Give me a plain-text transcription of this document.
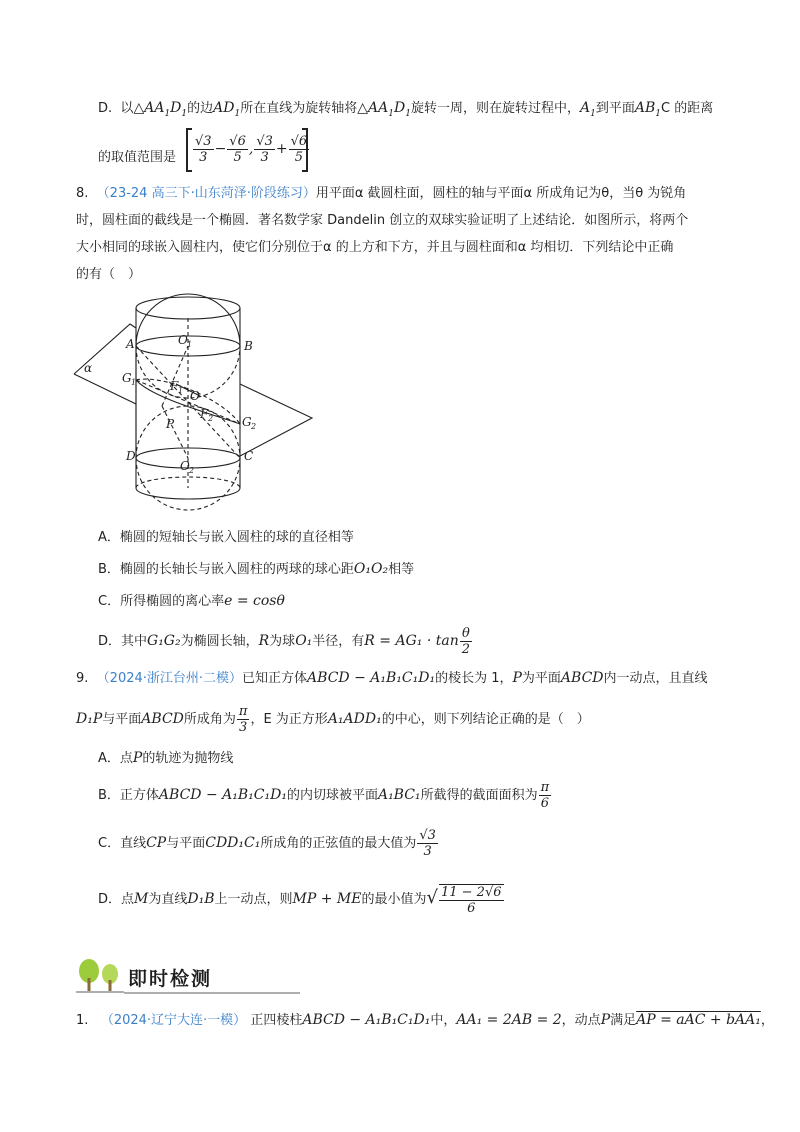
D. 以$\triangle AA_1D_1$的边$AD_1$所在直线为旋转轴将$\triangle AA_1D_1$旋转一周，则在旋转过程中，$A_1$到平面$AB_1C$ 的距离
的取值范围是 $\frac{√3}{3} - \frac{√6}{5}$ , $\frac{√3}{3} + \frac{√6}{5}$
8. （23-24 高三下·山东菏泽·阶段练习）用平面α 截圆柱面，圆柱的轴与平面α 所成角记为θ，当θ 为锐角
时，圆柱面的截线是一个椭圆．著名数学家 Dandelin 创立的双球实验证明了上述结论．如图所示，将两个
大小相同的球嵌入圆柱内，使它们分别位于α 的上方和下方，并且与圆柱面和α 均相切．下列结论中正确
的有（　）
A	B
D	C
O 1
O 2
O
F 1
F 2
G 1
G 2
P
α
A．椭圆的短轴长与嵌入圆柱的球的直径相等
B．椭圆的长轴长与嵌入圆柱的两球的球心距O₁O₂相等
C．所得椭圆的离心率e = cosθ
D．其中G₁G₂为椭圆长轴，R为球O₁半径，有$R = AG_1 \cdot \tan \frac{\theta}{2}$
9. （2024·浙江台州·二模）已知正方体ABCD − A₁B₁C₁D₁的棱长为 1，P为平面ABCD内一动点，且直线
D₁P与平面ABCD所成角为 $\frac{\pi}{3}$ ，E 为正方形A₁ADD₁的中心，则下列结论正确的是（　）
A．点P的轨迹为抛物线
B．正方体ABCD − A₁B₁C₁D₁的内切球被平面A₁BC₁所截得的截面面积为 $\frac{\pi}{6}$
C．直线CP与平面CDD₁C₁所成角的正弦值的最大值为 $\frac{√3}{3}$
D．点M为直线D₁B上一动点，则MP + ME的最小值为√ $\frac{11 - 2√6}{6}$
即时检测
1. （2024·辽宁大连·一模） 正四棱柱ABCD − A₁B₁C₁D₁中，AA₁ = 2AB = 2，动点P满足AP = aAC + bAA₁，
